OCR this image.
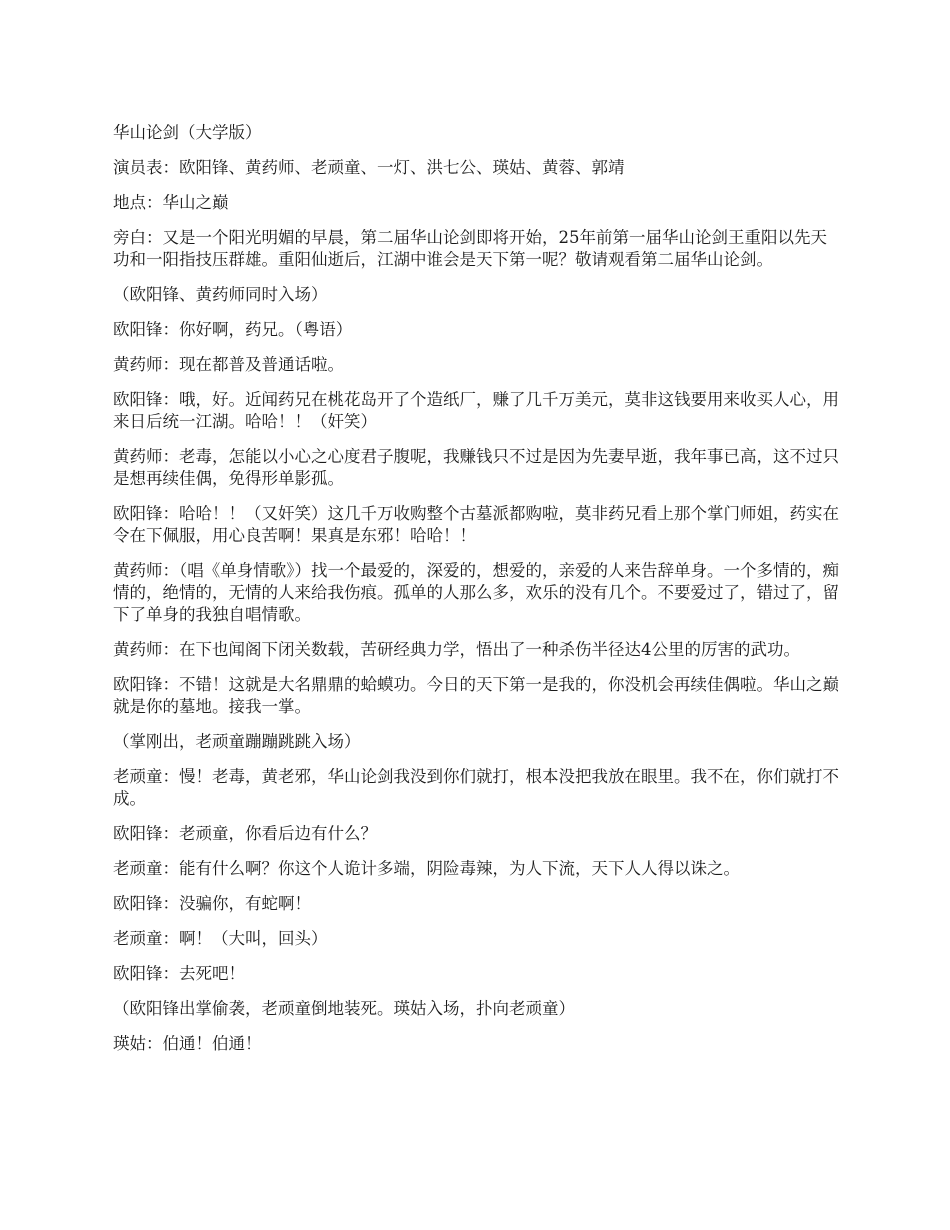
华山论剑（大学版）

演员表：欧阳锋、黄药师、老顽童、一灯、洪七公、瑛姑、黄蓉、郭靖

地点：华山之巅

旁白：又是一个阳光明媚的早晨，第二届华山论剑即将开始，25年前第一届华山论剑王重阳以先天功和一阳指技压群雄。重阳仙逝后，江湖中谁会是天下第一呢？敬请观看第二届华山论剑。

（欧阳锋、黄药师同时入场）

欧阳锋：你好啊，药兄。（粤语）

黄药师：现在都普及普通话啦。

欧阳锋：哦，好。近闻药兄在桃花岛开了个造纸厂，赚了几千万美元，莫非这钱要用来收买人心，用来日后统一江湖。哈哈！！（奸笑）

黄药师：老毒，怎能以小心之心度君子腹呢，我赚钱只不过是因为先妻早逝，我年事已高，这不过只是想再续佳偶，免得形单影孤。

欧阳锋：哈哈！！（又奸笑）这几千万收购整个古墓派都购啦，莫非药兄看上那个掌门师姐，药实在令在下佩服，用心良苦啊！果真是东邪！哈哈！！

黄药师：（唱《单身情歌》）找一个最爱的，深爱的，想爱的，亲爱的人来告辞单身。一个多情的，痴情的，绝情的，无情的人来给我伤痕。孤单的人那么多，欢乐的没有几个。不要爱过了，错过了，留下了单身的我独自唱情歌。

黄药师：在下也闻阁下闭关数载，苦研经典力学，悟出了一种杀伤半径达4公里的厉害的武功。

欧阳锋：不错！这就是大名鼎鼎的蛤蟆功。今日的天下第一是我的，你没机会再续佳偶啦。华山之巅就是你的墓地。接我一掌。

（掌刚出，老顽童蹦蹦跳跳入场）

老顽童：慢！老毒，黄老邪，华山论剑我没到你们就打，根本没把我放在眼里。我不在，你们就打不成。

欧阳锋：老顽童，你看后边有什么？

老顽童：能有什么啊？你这个人诡计多端，阴险毒辣，为人下流，天下人人得以诛之。

欧阳锋：没骗你，有蛇啊！

老顽童：啊！（大叫，回头）

欧阳锋：去死吧！

（欧阳锋出掌偷袭，老顽童倒地装死。瑛姑入场，扑向老顽童）

瑛姑：伯通！伯通！
